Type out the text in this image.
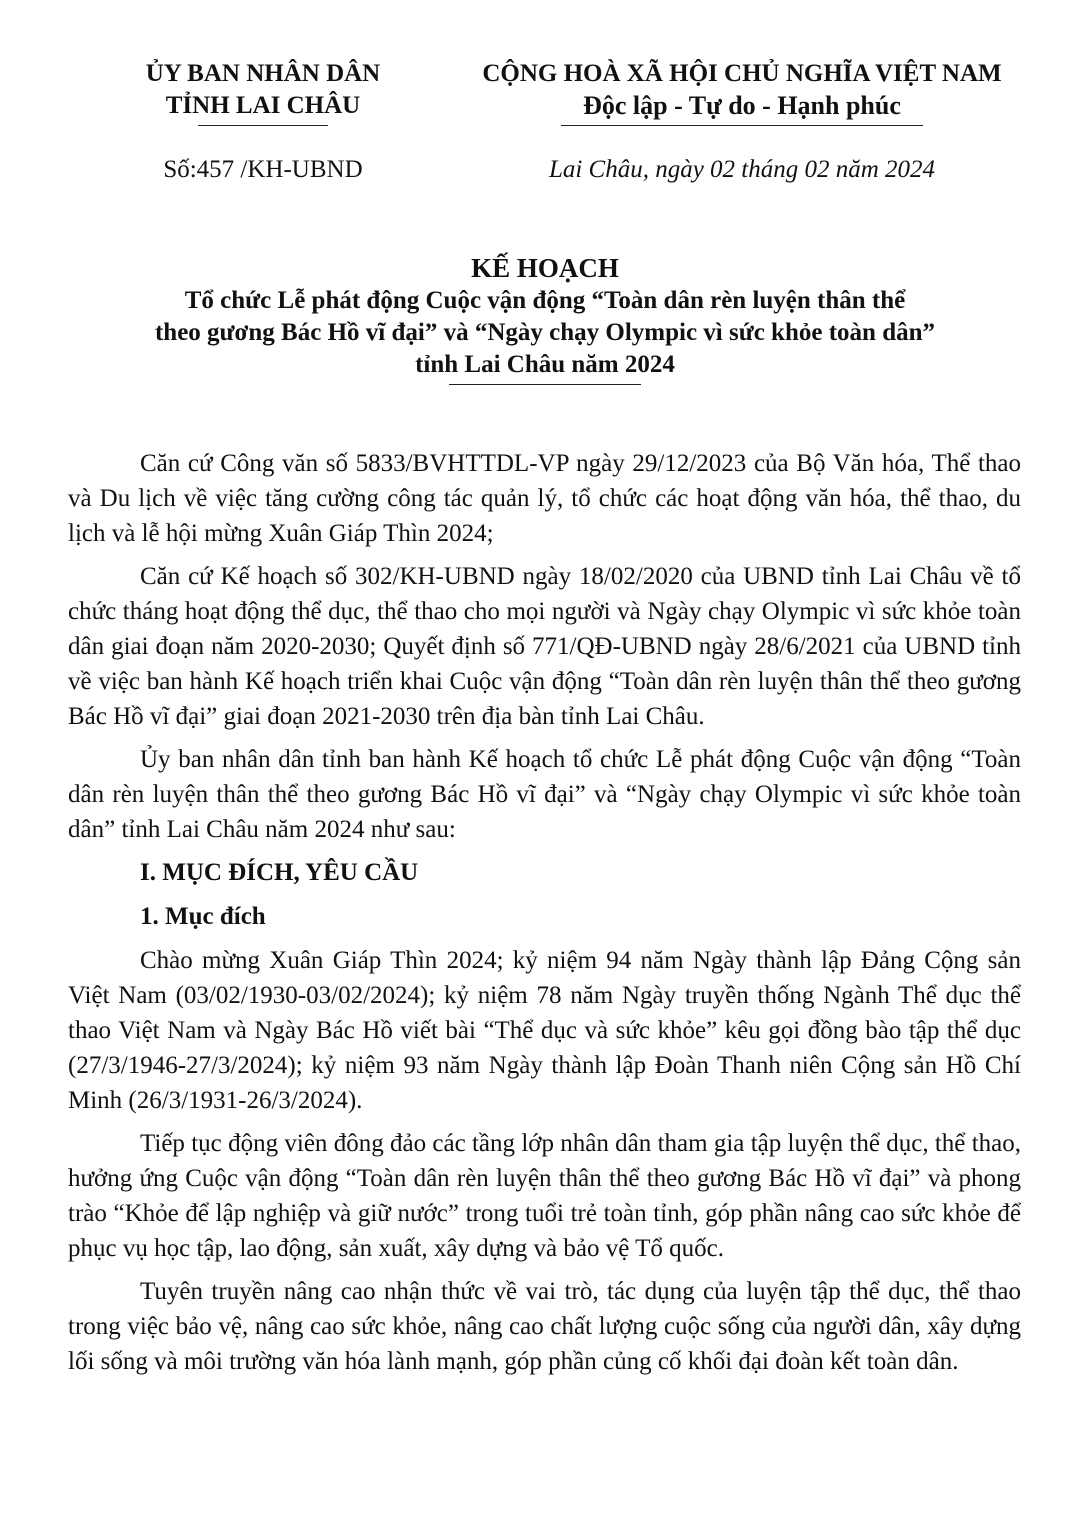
ỦY BAN NHÂN DÂN
TỈNH LAI CHÂU
CỘNG HOÀ XÃ HỘI CHỦ NGHĨA VIỆT NAM
Độc lập - Tự do - Hạnh phúc
Số:457 /KH-UBND	Lai Châu, ngày 02 tháng 02 năm 2024
KẾ HOẠCH
Tổ chức Lễ phát động Cuộc vận động “Toàn dân rèn luyện thân thể
theo gương Bác Hồ vĩ đại” và “Ngày chạy Olympic vì sức khỏe toàn dân”
tỉnh Lai Châu năm 2024

Căn cứ Công văn số 5833/BVHTTDL-VP ngày 29/12/2023 của Bộ Văn hóa, Thể thao và Du lịch về việc tăng cường công tác quản lý, tổ chức các hoạt động văn hóa, thể thao, du lịch và lễ hội mừng Xuân Giáp Thìn 2024;

Căn cứ Kế hoạch số 302/KH-UBND ngày 18/02/2020 của UBND tỉnh Lai Châu về tổ chức tháng hoạt động thể dục, thể thao cho mọi người và Ngày chạy Olympic vì sức khỏe toàn dân giai đoạn năm 2020-2030; Quyết định số 771/QĐ-UBND ngày 28/6/2021 của UBND tỉnh về việc ban hành Kế hoạch triển khai Cuộc vận động “Toàn dân rèn luyện thân thể theo gương Bác Hồ vĩ đại” giai đoạn 2021-2030 trên địa bàn tỉnh Lai Châu.

Ủy ban nhân dân tỉnh ban hành Kế hoạch tổ chức Lễ phát động Cuộc vận động “Toàn dân rèn luyện thân thể theo gương Bác Hồ vĩ đại” và “Ngày chạy Olympic vì sức khỏe toàn dân” tỉnh Lai Châu năm 2024 như sau:

I. MỤC ĐÍCH, YÊU CẦU
1. Mục đích

Chào mừng Xuân Giáp Thìn 2024; kỷ niệm 94 năm Ngày thành lập Đảng Cộng sản Việt Nam (03/02/1930-03/02/2024); kỷ niệm 78 năm Ngày truyền thống Ngành Thể dục thể thao Việt Nam và Ngày Bác Hồ viết bài “Thể dục và sức khỏe” kêu gọi đồng bào tập thể dục (27/3/1946-27/3/2024); kỷ niệm 93 năm Ngày thành lập Đoàn Thanh niên Cộng sản Hồ Chí Minh (26/3/1931-26/3/2024).

Tiếp tục động viên đông đảo các tầng lớp nhân dân tham gia tập luyện thể dục, thể thao, hưởng ứng Cuộc vận động “Toàn dân rèn luyện thân thể theo gương Bác Hồ vĩ đại” và phong trào “Khỏe để lập nghiệp và giữ nước” trong tuổi trẻ toàn tỉnh, góp phần nâng cao sức khỏe để phục vụ học tập, lao động, sản xuất, xây dựng và bảo vệ Tổ quốc.

Tuyên truyền nâng cao nhận thức về vai trò, tác dụng của luyện tập thể dục, thể thao trong việc bảo vệ, nâng cao sức khỏe, nâng cao chất lượng cuộc sống của người dân, xây dựng lối sống và môi trường văn hóa lành mạnh, góp phần củng cố khối đại đoàn kết toàn dân.
